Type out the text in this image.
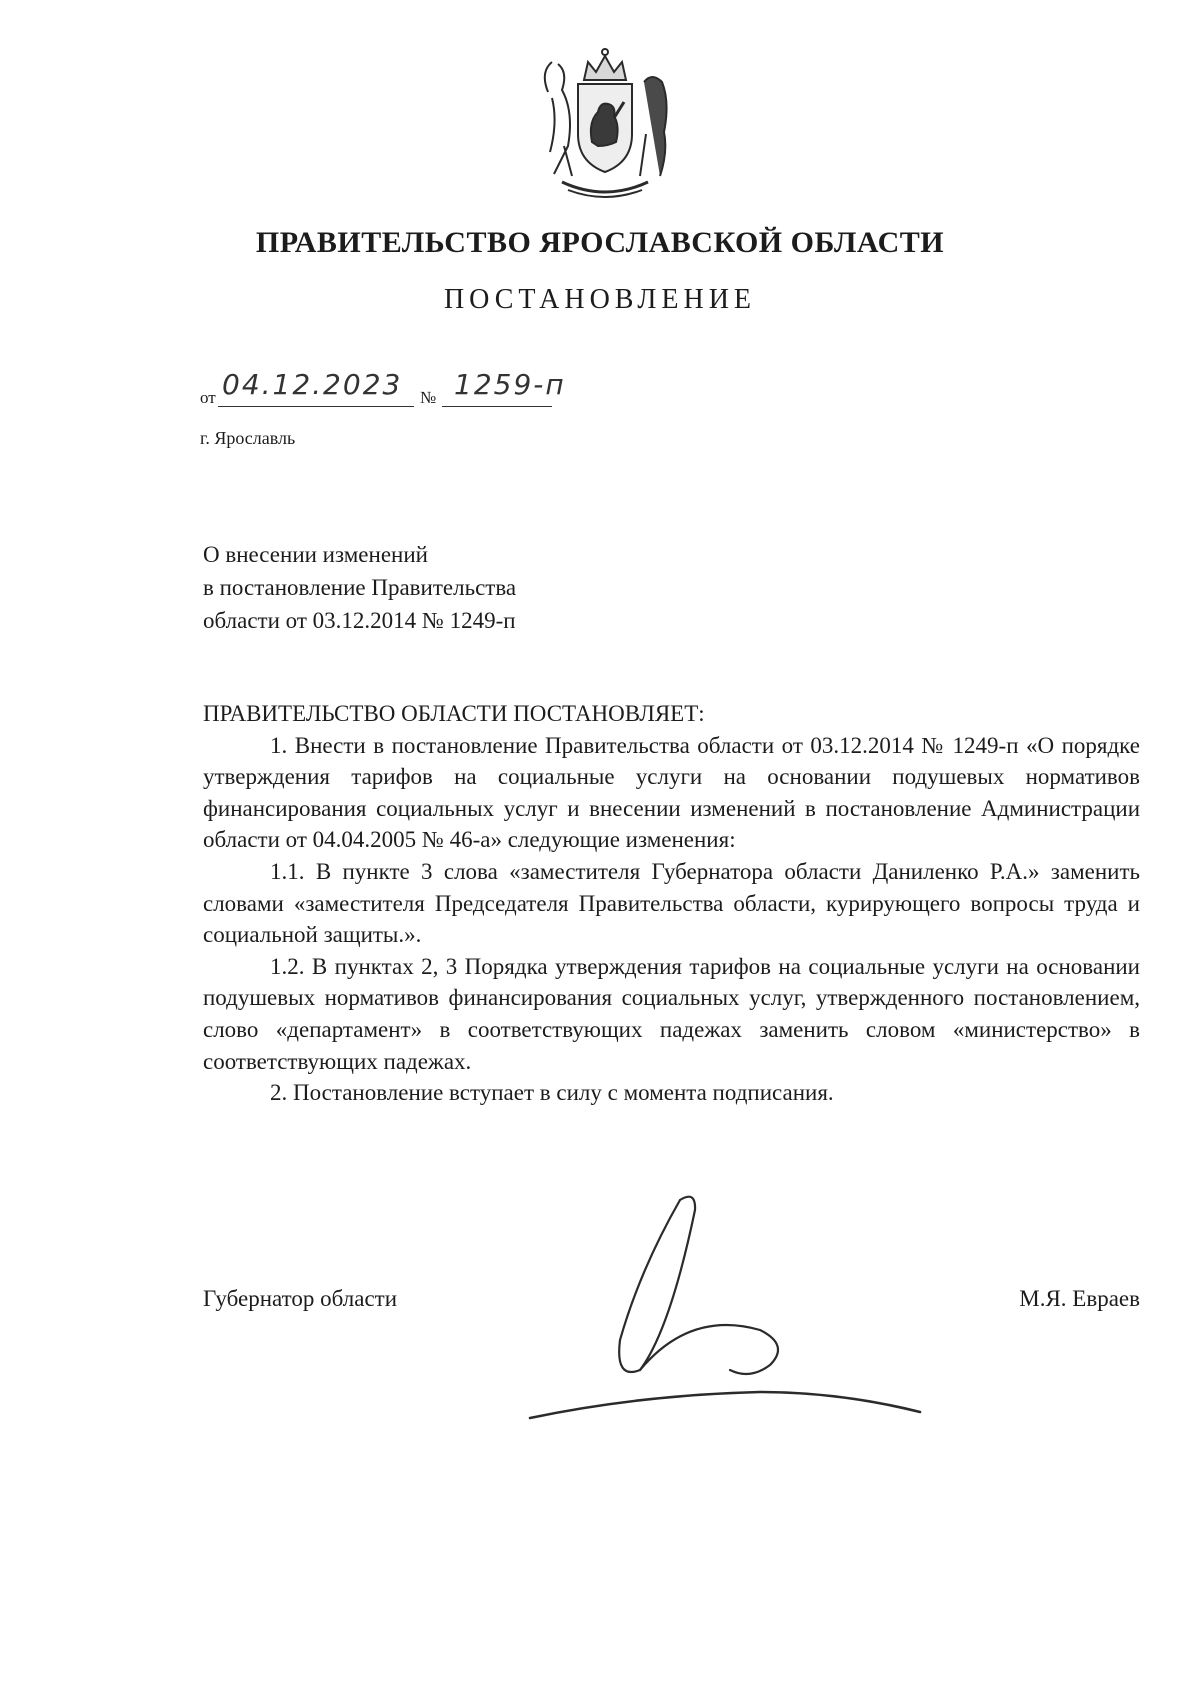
ПРАВИТЕЛЬСТВО ЯРОСЛАВСКОЙ ОБЛАСТИ
ПОСТАНОВЛЕНИЕ
от 04.12.2023 № 1259-п
г. Ярославль
О внесении изменений
в постановление Правительства
области от 03.12.2014 № 1249-п

ПРАВИТЕЛЬСТВО ОБЛАСТИ ПОСТАНОВЛЯЕТ:

1. Внести в постановление Правительства области от 03.12.2014 № 1249-п «О порядке утверждения тарифов на социальные услуги на основании подушевых нормативов финансирования социальных услуг и внесении изменений в постановление Администрации области от 04.04.2005 № 46-а» следующие изменения:

1.1. В пункте 3 слова «заместителя Губернатора области Даниленко Р.А.» заменить словами «заместителя Председателя Правительства области, курирующего вопросы труда и социальной защиты.».

1.2. В пунктах 2, 3 Порядка утверждения тарифов на социальные услуги на основании подушевых нормативов финансирования социальных услуг, утвержденного постановлением, слово «департамент» в соответствующих падежах заменить словом «министерство» в соответствующих падежах.

2. Постановление вступает в силу с момента подписания.

Губернатор области	М.Я. Евраев
